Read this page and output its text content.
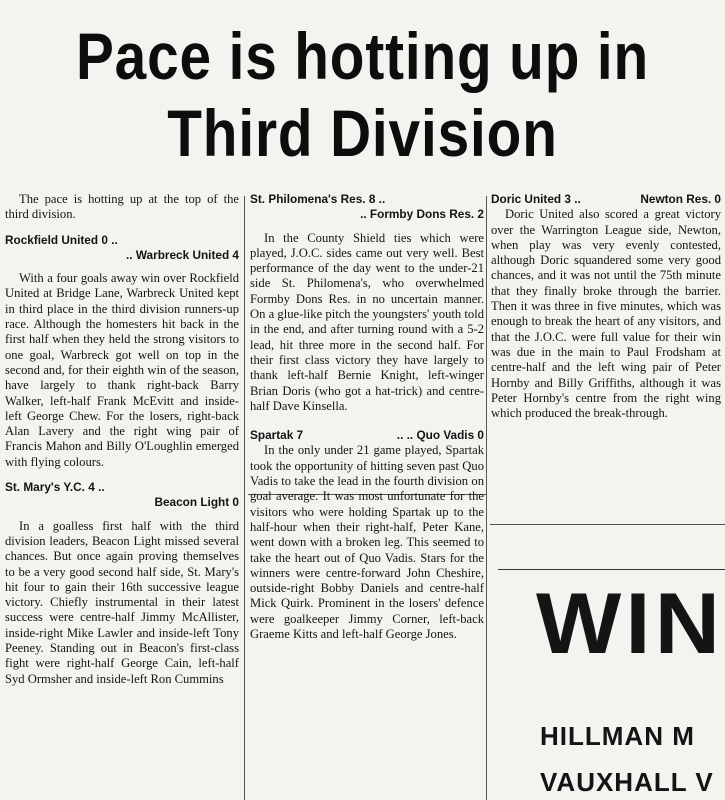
Pace is hotting up in
Third Division

The pace is hotting up at the top of the third division.

Rockfield United 0 ..
.. Warbreck United 4

With a four goals away win over Rockfield United at Bridge Lane, Warbreck United kept in third place in the third division runners-up race. Although the homesters hit back in the first half when they held the strong visitors to one goal, Warbreck got well on top in the second and, for their eighth win of the season, have largely to thank right-back Barry Walker, left-half Frank McEvitt and inside-left George Chew. For the losers, right-back Alan Lavery and the right wing pair of Francis Mahon and Billy O'Loughlin emerged with flying colours.

St. Mary's Y.C. 4 ..
Beacon Light 0

In a goalless first half with the third division leaders, Beacon Light missed several chances. But once again proving themselves to be a very good second half side, St. Mary's hit four to gain their 16th successive league victory. Chiefly instrumental in their latest success were centre-half Jimmy McAllister, inside-right Mike Lawler and inside-left Tony Peeney. Standing out in Beacon's first-class fight were right-half George Cain, left-half Syd Ormsher and inside-left Ron Cummins

St. Philomena's Res. 8 ..
.. Formby Dons Res. 2

In the County Shield ties which were played, J.O.C. sides came out very well. Best performance of the day went to the under-21 side St. Philomena's, who overwhelmed Formby Dons Res. in no uncertain manner. On a glue-like pitch the youngsters' youth told in the end, and after turning round with a 5-2 lead, hit three more in the second half. For their first class victory they have largely to thank left-half Bernie Knight, left-winger Brian Doris (who got a hat-trick) and centre-half Dave Kinsella.

Spartak 7	.. .. Quo Vadis 0

In the only under 21 game played, Spartak took the opportunity of hitting seven past Quo Vadis to take the lead in the fourth division on goal average. It was most unfortunate for the visitors who were holding Spartak up to the half-hour when their right-half, Peter Kane, went down with a broken leg. This seemed to take the heart out of Quo Vadis. Stars for the winners were centre-forward John Cheshire, outside-right Bobby Daniels and centre-half Mick Quirk. Prominent in the losers' defence were goalkeeper Jimmy Corner, left-back Graeme Kitts and left-half George Jones.

Doric United 3 ..	Newton Res. 0

Doric United also scored a great victory over the Warrington League side, Newton, when play was very evenly contested, although Doric squandered some very good chances, and it was not until the 75th minute that they finally broke through the barrier. Then it was three in five minutes, which was enough to break the heart of any visitors, and that the J.O.C. were full value for their win was due in the main to Paul Frodsham at centre-half and the left wing pair of Peter Hornby and Billy Griffiths, although it was Peter Hornby's centre from the right wing which produced the break-through.

WIN
HILLMAN M
VAUXHALL V
